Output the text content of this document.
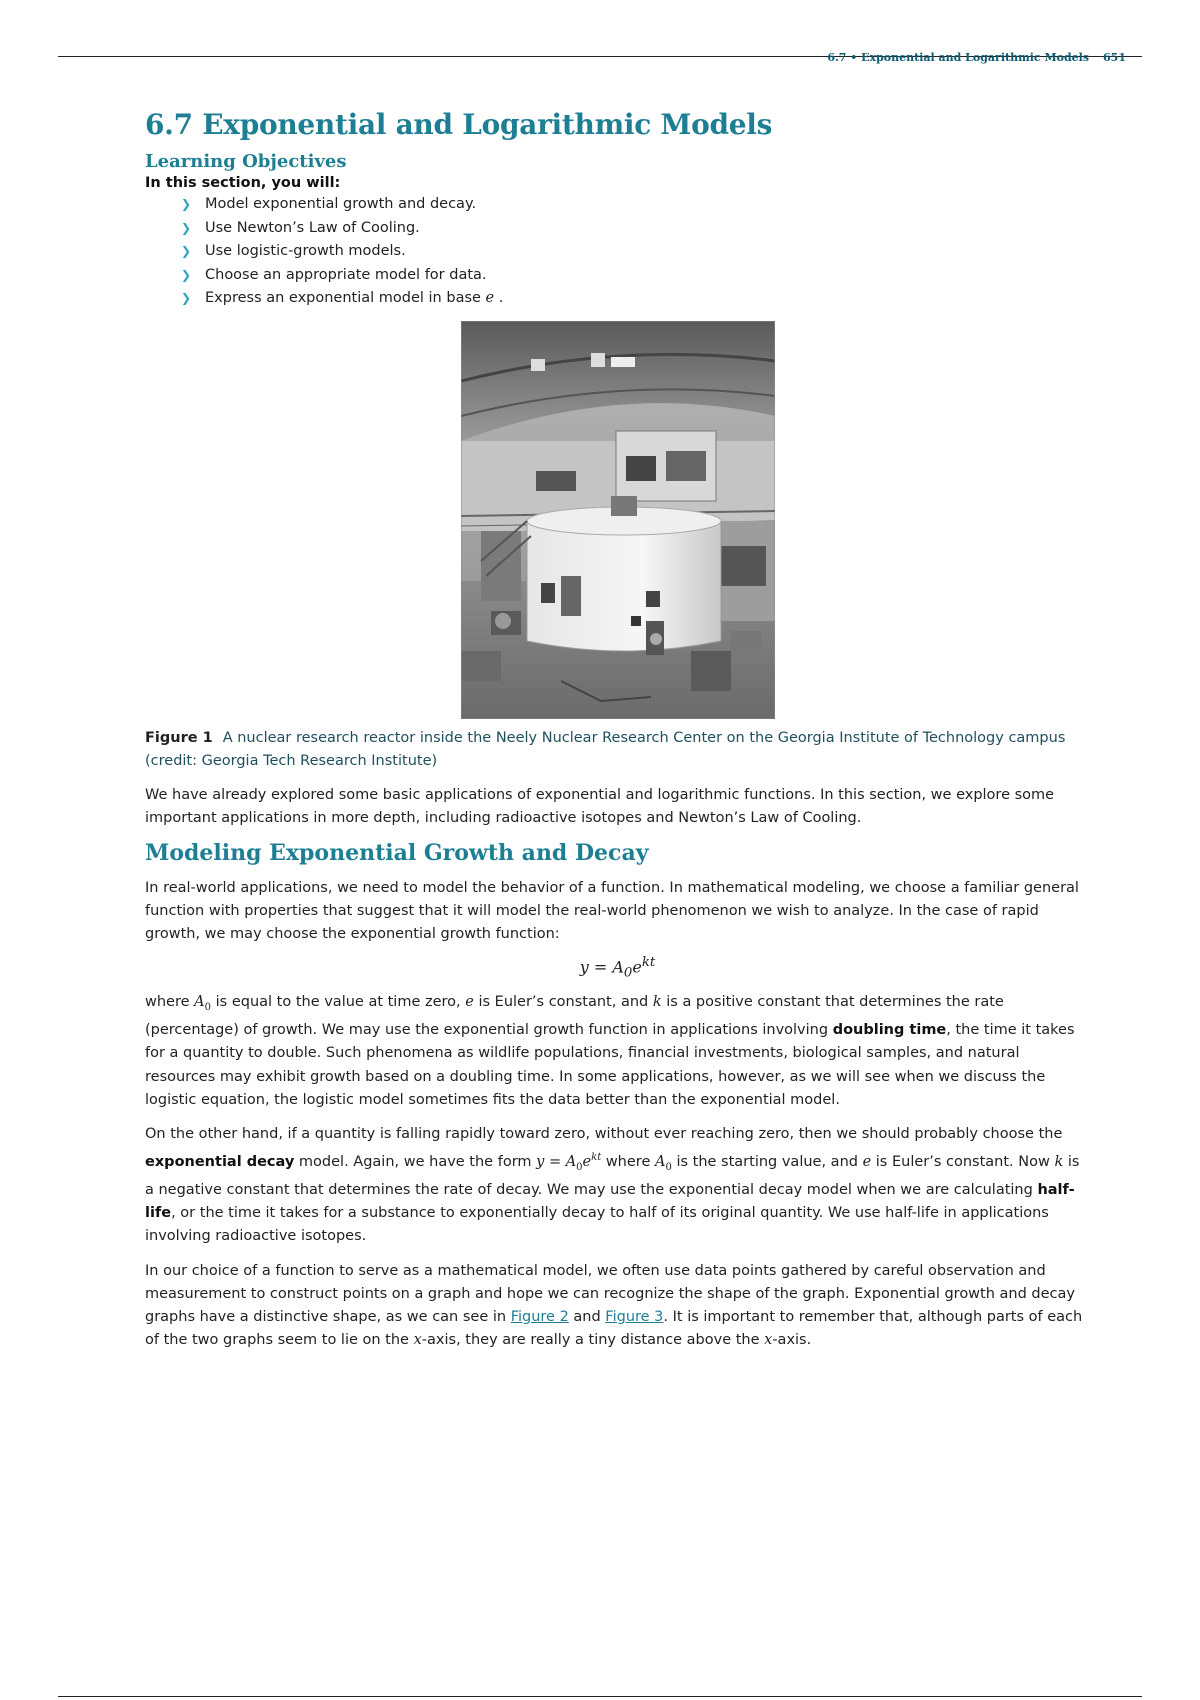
6.7 • Exponential and Logarithmic Models 651
6.7 Exponential and Logarithmic Models
Learning Objectives
In this section, you will:
❯ Model exponential growth and decay.
❯ Use Newton’s Law of Cooling.
❯ Use logistic-growth models.
❯ Choose an appropriate model for data.
❯ Express an exponential model in base e .

Figure 1 A nuclear research reactor inside the Neely Nuclear Research Center on the Georgia Institute of Technology campus (credit: Georgia Tech Research Institute)

We have already explored some basic applications of exponential and logarithmic functions. In this section, we explore some important applications in more depth, including radioactive isotopes and Newton’s Law of Cooling.

Modeling Exponential Growth and Decay

In real-world applications, we need to model the behavior of a function. In mathematical modeling, we choose a familiar general function with properties that suggest that it will model the real-world phenomenon we wish to analyze. In the case of rapid growth, we may choose the exponential growth function:

$y = A_0e^{kt}$

where $A_0$ is equal to the value at time zero, e is Euler’s constant, and k is a positive constant that determines the rate (percentage) of growth. We may use the exponential growth function in applications involving doubling time, the time it takes for a quantity to double. Such phenomena as wildlife populations, financial investments, biological samples, and natural resources may exhibit growth based on a doubling time. In some applications, however, as we will see when we discuss the logistic equation, the logistic model sometimes fits the data better than the exponential model.

On the other hand, if a quantity is falling rapidly toward zero, without ever reaching zero, then we should probably choose the exponential decay model. Again, we have the form $y = A_0e^{kt}$ where $A_0$ is the starting value, and e is Euler’s constant. Now k is a negative constant that determines the rate of decay. We may use the exponential decay model when we are calculating half-life, or the time it takes for a substance to exponentially decay to half of its original quantity. We use half-life in applications involving radioactive isotopes.

In our choice of a function to serve as a mathematical model, we often use data points gathered by careful observation and measurement to construct points on a graph and hope we can recognize the shape of the graph. Exponential growth and decay graphs have a distinctive shape, as we can see in Figure 2 and Figure 3. It is important to remember that, although parts of each of the two graphs seem to lie on the x-axis, they are really a tiny distance above the x-axis.
